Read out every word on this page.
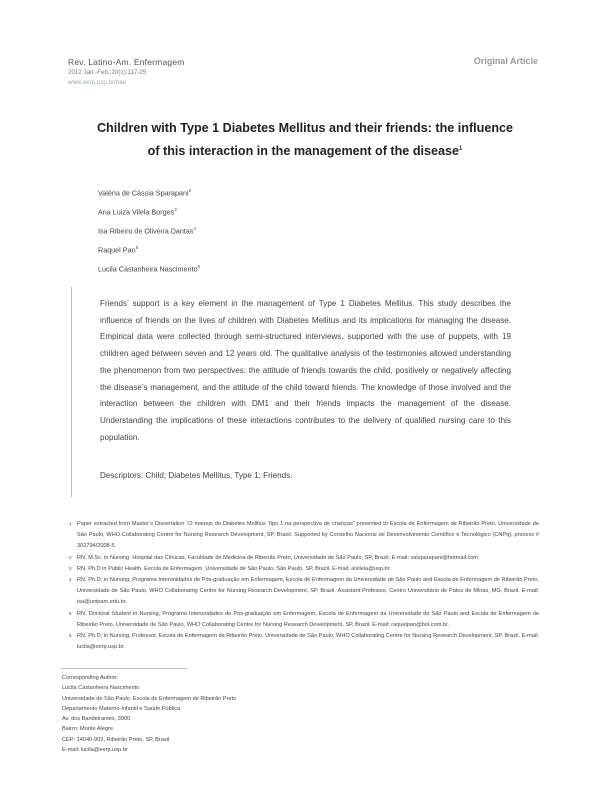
Rev. Latino-Am. Enfermagem
2012 Jan.-Feb.;20(1):117-25
www.eerp.usp.br/rlae
Original Article
Children with Type 1 Diabetes Mellitus and their friends: the influence
of this interaction in the management of the disease$^1$
Valéria de Cássia Sparapani$^2$
Ana Luiza Vilela Borges$^3$
Isa Ribeiro de Oliveira Dantas$^4$
Raquel Pan$^5$
Lucila Castanheira Nascimento$^6$
Friends’ support is a key element in the management of Type 1 Diabetes Mellitus. This study describes the influence of friends on the lives of children with Diabetes Mellitus and its implications for managing the disease. Empirical data were collected through semi-structured interviews, supported with the use of puppets, with 19 children aged between seven and 12 years old. The qualitative analysis of the testimonies allowed understanding the phenomenon from two perspectives: the attitude of friends towards the child, positively or negatively affecting the disease’s management, and the attitude of the child toward friends. The knowledge of those involved and the interaction between the children with DM1 and their friends impacts the management of the disease. Understanding the implications of these interactions contributes to the delivery of qualified nursing care to this population.
Descriptors: Child; Diabetes Mellitus, Type 1; Friends.
1 Paper extracted from Master’s Dissertation “O manejo do Diabetes Mellitus Tipo 1 na perspectiva de crianças” presented to Escola de Enfermagem de Ribeirão Preto, Universidade de São Paulo, WHO Collaborating Centre for Nursing Research Development, SP, Brazil. Supported by Conselho Nacional de Desenvolvimento Científico e Tecnológico (CNPq), process # 302794/2008-5.
2 RN, M.Sc. in Nursing. Hospital das Clínicas, Faculdade de Medicina de Ribeirão Preto, Universidade de São Paulo, SP, Brazil. E-mail: valsparapani@hotmail.com.
3 RN, Ph.D in Public Health, Escola de Enfermagem, Universidade de São Paulo, São Paulo, SP, Brazil. E-mail: alvilela@usp.br.
4 RN, Ph.D. in Nursing, Programa Interunidades de Pós-graduação em Enfermagem, Escola de Enfermagem da Universidade de São Paulo and Escola de Enfermagem de Ribeirão Preto, Universidade de São Paulo, WHO Collaborating Centre for Nursing Research Development, SP, Brazil. Assistant Professor, Centro Universitário de Patos de Minas, MG, Brazil. E-mail: isa@unipam.edu.br.
5 RN, Doctoral Student in Nursing, Programa Interunidades de Pós-graduação em Enfermagem, Escola de Enfermagem da Universidade de São Paulo and Escola de Enfermagem de Ribeirão Preto, Universidade de São Paulo, WHO Collaborating Centre for Nursing Research Development, SP, Brazil. E-mail: raquelpan@bol.com.br.
6 RN, Ph.D. in Nursing, Professor, Escola de Enfermagem de Ribeirão Preto, Universidade de São Paulo, WHO Collaborating Centre for Nursing Research Development, SP, Brazil. E-mail: lucila@eerp.usp.br.
Corresponding Author:
Lucila Castanheira Nascimento
Universidade de São Paulo. Escola de Enfermagem de Ribeirão Preto
Departamento Materno-Infantil e Saúde Pública
Av. dos Bandeirantes, 3900
Bairro: Monte Alegre
CEP: 14040-902, Ribeirão Preto, SP, Brasil
E-mail: lucila@eerp.usp.br
